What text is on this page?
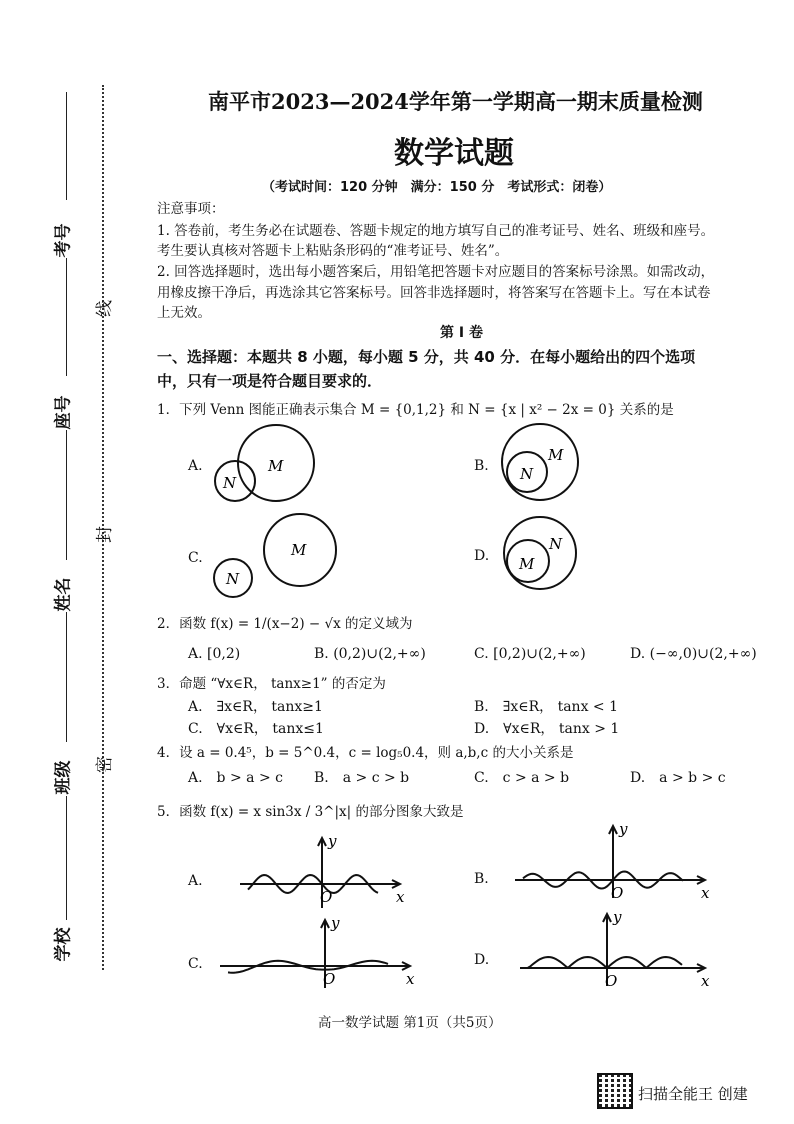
考号
座号
姓名
班级
学校
线
封
密
南平市2023—2024学年第一学期高一期末质量检测
数学试题
（考试时间：120 分钟　满分：150 分　考试形式：闭卷）
注意事项：
1. 答卷前，考生务必在试题卷、答题卡规定的地方填写自己的准考证号、姓名、班级和座号。
考生要认真核对答题卡上粘贴条形码的“准考证号、姓名”。
2. 回答选择题时，选出每小题答案后，用铅笔把答题卡对应题目的答案标号涂黑。如需改动，
用橡皮擦干净后，再选涂其它答案标号。回答非选择题时，将答案写在答题卡上。写在本试卷
上无效。
第 I 卷
一、选择题：本题共 8 小题，每小题 5 分，共 40 分．在每小题给出的四个选项
中，只有一项是符合题目要求的．
1．下列 Venn 图能正确表示集合 M = {0,1,2} 和 N = {x | x² − 2x = 0} 关系的是
A.	B.
C.	D.
M
N
M
N
M
N
N
M
2．函数 f(x) = 1/(x−2) − √x 的定义域为
A. [0,2)	B. (0,2)∪(2,+∞)	C. [0,2)∪(2,+∞)	D. (−∞,0)∪(2,+∞)
3．命题 “∀x∈R， tanx≥1” 的否定为
A.　∃x∈R， tanx≥1	B.　∃x∈R， tanx < 1
C.　∀x∈R， tanx≤1	D.　∀x∈R， tanx > 1
4．设 a = 0.4⁵，b = 5^0.4，c = log₅0.4，则 a,b,c 的大小关系是
A.　b > a > c B.　a > c > b	C.　c > a > b	D.　a > b > c
5．函数 f(x) = x sin3x / 3^|x| 的部分图象大致是
A.	B.
C.	D.
y
x
O
y
x
O
y
x
O
y
x
O
高一数学试题 第1页（共5页）
扫描全能王 创建
